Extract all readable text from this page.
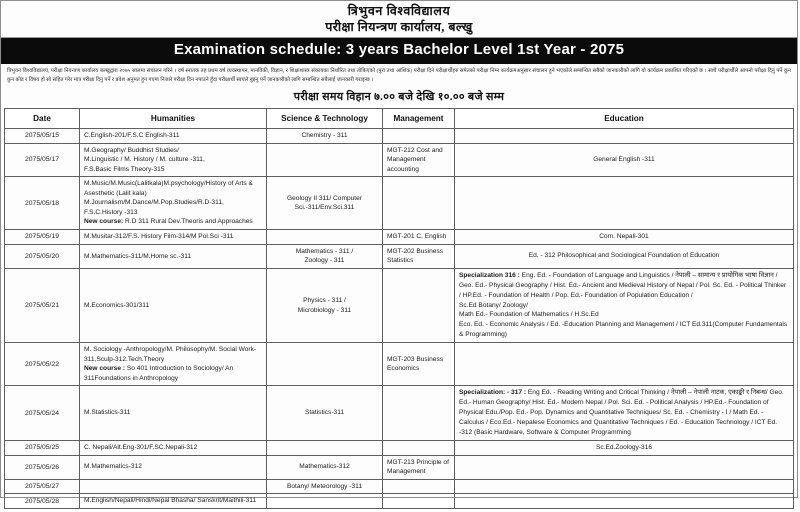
त्रिभुवन विश्वविद्यालय
परीक्षा नियन्त्रण कार्यालय, बल्खु
Examination schedule: 3 years Bachelor Level 1st Year - 2075
त्रिभुवन विश्वविद्यालय, परीक्षा नियन्त्रण कार्यालय बल्खुद्वारा २०७५ सालमा संचालन गरिने । वर्ष स्नातक तह प्रथम वर्ष व्यवस्थापन, मानविकी, विज्ञान, र शिक्षाशास्त्र संकायका निर्धारित तथा तोकिएको (पुरा तथा आंशिक) परीक्षा दिने परीक्षार्थीहरु समेतको परीक्षा निम्न कार्यक्रमअनुसार संचालन हुने भएकोले सम्बन्धित सबैको जानकारीको लागि यो कार्यक्रम प्रकाशित गरिएको छ । साथै परीक्षार्थीले आफ्नो परीक्षा दिनु पर्ने कुन कुन कोड र विषय हो सो सहित गरेर मात्र परीक्षा दिनु पर्ने र प्रवेश अनुमत हुन गएमा निजले परीक्षा दिन नपाउने हुँदा परीक्षार्थी स्वयंले बुझ्नु पर्ने जानकारीको लागि सम्बन्धित सबैलाई जानकारी गराइन्छ ।
परीक्षा समय विहान ७.०० बजे देखि १०.०० बजे सम्म
Date	Humanities	Science & Technology	Management	Education
2075/05/15	C.English-201/F.S.C English-311	Chemistry - 311		
2075/05/17	M.Geography/ Buddhist Studies/
M.Linguistic / M. History / M. culture -311,
F.S.Basic Films Theory-315		MGT-212 Cost and Management accounting	General English -311
2075/05/18	M.Music/M.Music(Lalitkala)M.psychology/History of Arts & Asesthetic (Lalit kala)
M.Journalism/M.Dance/M.Pop.Studies/R.D-311, F.S.C.History -313
New course: R.D 311 Rural Dev.Theoris and Approaches	Geology II 311/ Computer Sci.-311/Env.Sci.311		
2075/05/19	M.Musitar-312/F.S. History Film-314/M Pol.Sci -311		MGT-201 C. English	Com. Nepali-301
2075/05/20	M.Mathematics-311/M.Home sc.-311	Mathematics - 311 /
Zoology - 311	MGT-202 Business Statistics	Ed. - 312 Philosophical and Sociological Foundation of Education
2075/05/21	M.Economics-301/311	Physics - 311 /
Microbiology - 311		Specialization 316 : Eng. Ed. - Foundation of Language and Linguistics / नेपाली – सामान्य र प्रायोगिक भाषा विज्ञान / Geo. Ed.- Physical Geography / Hist. Ed.- Ancient and Medieval History of Nepal / Pol. Sc. Ed. - Political Thinker / HP.Ed. - Foundation of Health / Pop. Ed.- Foundation of Population Education /
Sc.Ed Botany/ Zoology/
Math Ed.- Foundation of Mathematics / H.Sc.Ed
Eco. Ed. - Economic Analysis / Ed. -Education Planning and Management / ICT Ed.311(Computer Fundamentals & Programming)
2075/05/22	M. Sociology -Anthropology/M. Philosophy/M. Social Work-311,Sculp-312.Tech.Theory
New course : So 401 Introduction to Sociology/ An 311Foundations in Anthropology		MGT-203 Business Economics	
2075/05/24	M.Statistics-311	Statistics-311		Specialization: - 317 : Eng Ed. - Reading Writing and Critical Thinking / नेपाली – नेपाली नाटक, एकाङ्की र निबन्ध/ Geo. Ed.- Human Geography/ Hist. Ed.- Modern Nepal / Pol. Sci. Ed. - Political Analysis / HP.Ed.- Foundation of Physical Edu./Pop. Ed.- Pop. Dynamics and Quantitative Techniques/ Sc. Ed. - Chemistry - I / Math Ed. - Calculus / Eco.Ed.- Nepalese Economics and Quantitative Techniques / Ed. - Education Technology / ICT Ed. -312 (Basic Hardware, Software & Computer Programming
2075/05/25	C. Nepali/Alt.Eng-301/F.SC.Nepali-312			Sc.Ed.Zoology-316
2075/05/26	M.Mathematics-312	Mathematics-312	MGT-213 Principle of Management	
2075/05/27		Botany/ Meteorology -311		
2075/05/28	M.English/Nepali/Hindi/Nepal Bhasha/ Sanskrit/Maithili-311			
